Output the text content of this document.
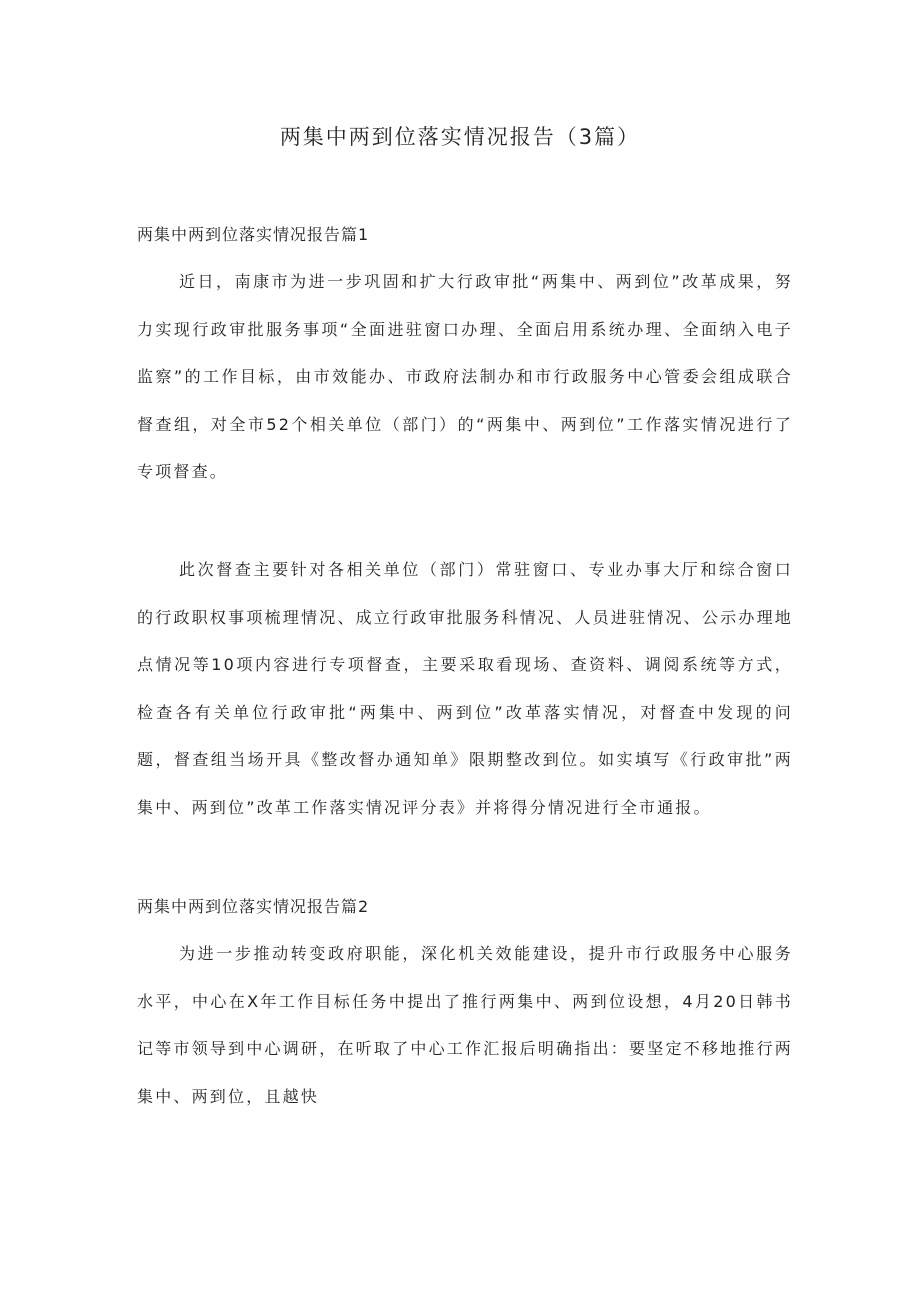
两集中两到位落实情况报告（3篇）
两集中两到位落实情况报告篇1

近日，南康市为进一步巩固和扩大行政审批“两集中、两到位”改革成果，努力实现行政审批服务事项“全面进驻窗口办理、全面启用系统办理、全面纳入电子监察”的工作目标，由市效能办、市政府法制办和市行政服务中心管委会组成联合督查组，对全市52个相关单位（部门）的“两集中、两到位”工作落实情况进行了专项督查。

此次督查主要针对各相关单位（部门）常驻窗口、专业办事大厅和综合窗口的行政职权事项梳理情况、成立行政审批服务科情况、人员进驻情况、公示办理地点情况等10项内容进行专项督查，主要采取看现场、查资料、调阅系统等方式，检查各有关单位行政审批“两集中、两到位”改革落实情况，对督查中发现的问题，督查组当场开具《整改督办通知单》限期整改到位。如实填写《行政审批”两集中、两到位”改革工作落实情况评分表》并将得分情况进行全市通报。

两集中两到位落实情况报告篇2

为进一步推动转变政府职能，深化机关效能建设，提升市行政服务中心服务水平，中心在X年工作目标任务中提出了推行两集中、两到位设想，4月20日韩书记等市领导到中心调研，在听取了中心工作汇报后明确指出：要坚定不移地推行两集中、两到位，且越快
